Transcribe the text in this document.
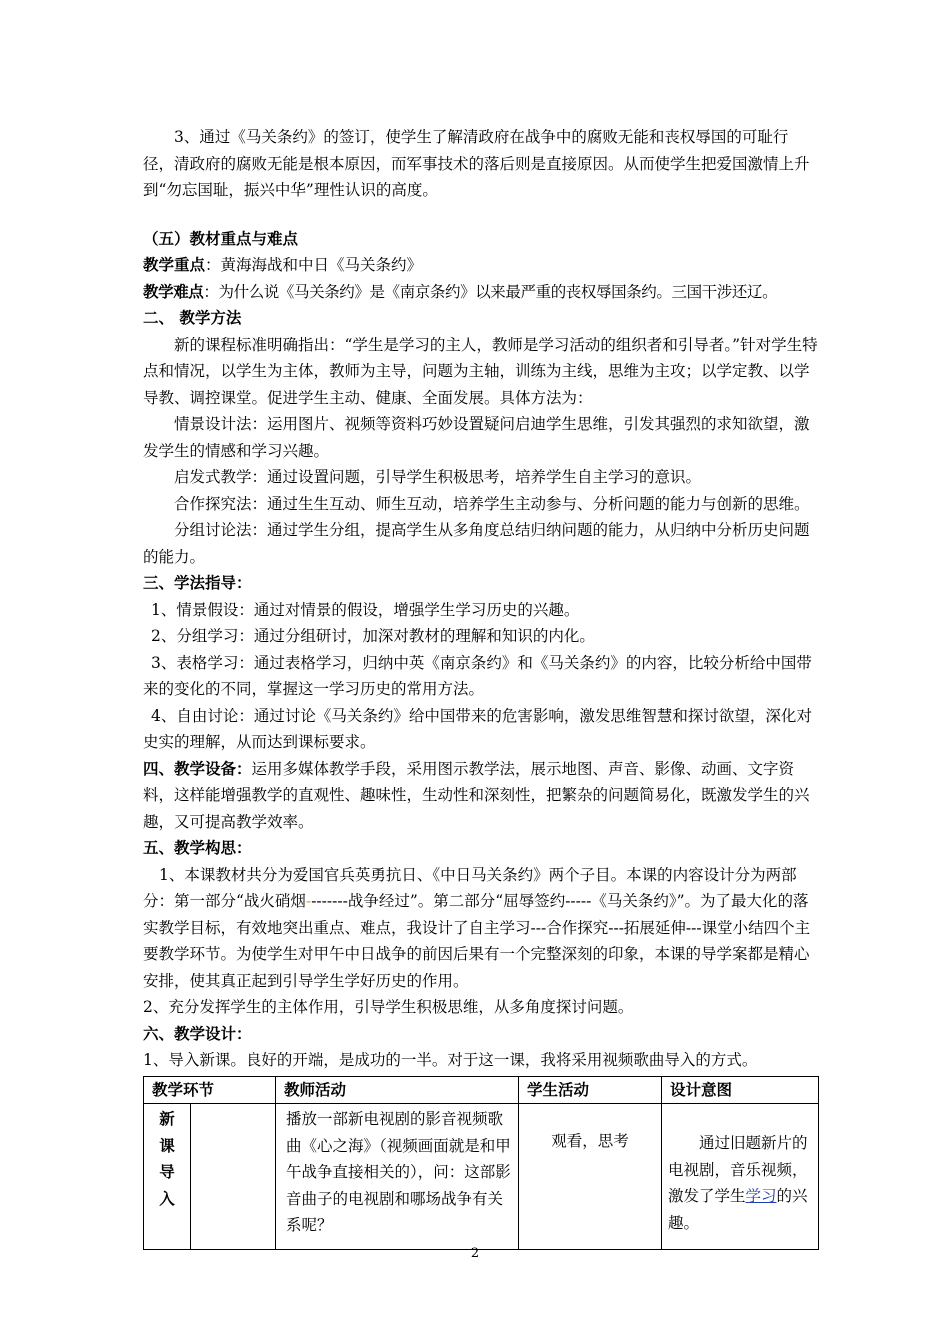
3、通过《马关条约》的签订，使学生了解清政府在战争中的腐败无能和丧权辱国的可耻行径，清政府的腐败无能是根本原因，而军事技术的落后则是直接原因。从而使学生把爱国激情上升到“勿忘国耻，振兴中华”理性认识的高度。

（五）教材重点与难点

教学重点：黄海海战和中日《马关条约》

教学难点：为什么说《马关条约》是《南京条约》以来最严重的丧权辱国条约。三国干涉还辽。

二、 教学方法

新的课程标准明确指出：“学生是学习的主人，教师是学习活动的组织者和引导者。”针对学生特点和情况，以学生为主体，教师为主导，问题为主轴，训练为主线，思维为主攻；以学定教、以学导教、调控课堂。促进学生主动、健康、全面发展。具体方法为：

情景设计法：运用图片、视频等资料巧妙设置疑问启迪学生思维，引发其强烈的求知欲望，激发学生的情感和学习兴趣。

启发式教学：通过设置问题，引导学生积极思考，培养学生自主学习的意识。

合作探究法：通过生生互动、师生互动，培养学生主动参与、分析问题的能力与创新的思维。

分组讨论法：通过学生分组，提高学生从多角度总结归纳问题的能力，从归纳中分析历史问题的能力。

三、学法指导：

1、情景假设：通过对情景的假设，增强学生学习历史的兴趣。

2、分组学习：通过分组研讨，加深对教材的理解和知识的内化。

3、表格学习：通过表格学习，归纳中英《南京条约》和《马关条约》的内容，比较分析给中国带来的变化的不同，掌握这一学习历史的常用方法。

4、自由讨论：通过讨论《马关条约》给中国带来的危害影响，激发思维智慧和探讨欲望，深化对史实的理解，从而达到课标要求。

四、教学设备：运用多媒体教学手段，采用图示教学法，展示地图、声音、影像、动画、文字资料，这样能增强教学的直观性、趣味性，生动性和深刻性，把繁杂的问题简易化，既激发学生的兴趣，又可提高教学效率。

五、教学构思：

1、本课教材共分为爱国官兵英勇抗日、《中日马关条约》两个子目。本课的内容设计分为两部分：第一部分“战火硝烟--------战争经过”。第二部分“屈辱签约-----《马关条约》”。为了最大化的落实教学目标，有效地突出重点、难点，我设计了自主学习---合作探究---拓展延伸---课堂小结四个主要教学环节。为使学生对甲午中日战争的前因后果有一个完整深刻的印象，本课的导学案都是精心安排，使其真正起到引导学生学好历史的作用。

2、充分发挥学生的主体作用，引导学生积极思维，从多角度探讨问题。

六、教学设计：

1、导入新课。良好的开端，是成功的一半。对于这一课，我将采用视频歌曲导入的方式。

教学环节		教师活动	学生活动	设计意图

新
课
导
入		播放一部新电视剧的影音视频歌曲《心之海》（视频画面就是和甲午战争直接相关的），问：这部影音曲子的电视剧和哪场战争有关系呢？	观看，思考	通过旧题新片的电视剧，音乐视频，激发了学生学习的兴趣。

2
